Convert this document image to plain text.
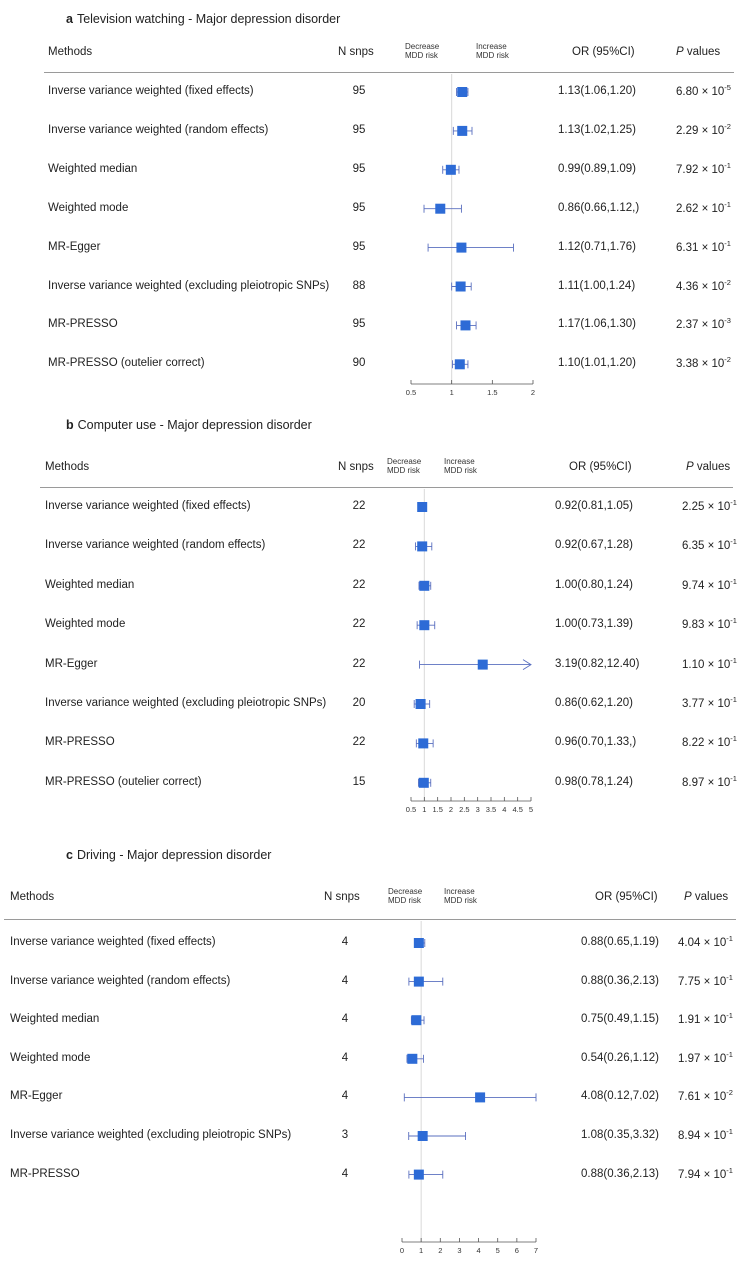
a Television watching - Major depression disorder
Methods	N snps	Decrease
MDD risk
Increase
MDD risk	OR (95%CI)	P values
0.5	1	1.5	2
Inverse variance weighted (fixed effects)	95	1.13(1.06,1.20)	$6.80 \times 10^{-5}$
Inverse variance weighted (random effects)	95	1.13(1.02,1.25)	$2.29 \times 10^{-2}$
Weighted median	95	0.99(0.89,1.09)	$7.92 \times 10^{-1}$
Weighted mode	95	0.86(0.66,1.12,)	$2.62 \times 10^{-1}$
MR-Egger	95	1.12(0.71,1.76)	$6.31 \times 10^{-1}$
Inverse variance weighted (excluding pleiotropic SNPs)	88	1.11(1.00,1.24)	$4.36 \times 10^{-2}$
MR-PRESSO	95	1.17(1.06,1.30)	$2.37 \times 10^{-3}$
MR-PRESSO (outelier correct)	90	1.10(1.01,1.20)	$3.38 \times 10^{-2}$
b Computer use - Major depression disorder
Methods	N snps Decrease
MDD risk
Increase
MDD risk	OR (95%CI)	P values
0.5 1 1.5 2 2.5 3 3.5 4 4.5 5
Inverse variance weighted (fixed effects)	22	0.92(0.81,1.05)	$2.25 \times 10^{-1}$
Inverse variance weighted (random effects)	22	0.92(0.67,1.28)	$6.35 \times 10^{-1}$
Weighted median	22	1.00(0.80,1.24)	$9.74 \times 10^{-1}$
Weighted mode	22	1.00(0.73,1.39)	$9.83 \times 10^{-1}$
MR-Egger	22	3.19(0.82,12.40)	$1.10 \times 10^{-1}$
Inverse variance weighted (excluding pleiotropic SNPs)	20	0.86(0.62,1.20)	$3.77 \times 10^{-1}$
MR-PRESSO	22	0.96(0.70,1.33,)	$8.22 \times 10^{-1}$
MR-PRESSO (outelier correct)	15	0.98(0.78,1.24)	$8.97 \times 10^{-1}$
c Driving - Major depression disorder
Methods	N snps	Decrease
MDD risk
Increase
MDD risk	OR (95%CI) P values
0 1 2 3 4 5 6 7
Inverse variance weighted (fixed effects)	4	0.88(0.65,1.19) $4.04 \times 10^{-1}$
Inverse variance weighted (random effects)	4	0.88(0.36,2.13) $7.75 \times 10^{-1}$
Weighted median	4	0.75(0.49,1.15) $1.91 \times 10^{-1}$
Weighted mode	4	0.54(0.26,1.12) $1.97 \times 10^{-1}$
MR-Egger	4	4.08(0.12,7.02) $7.61 \times 10^{-2}$
Inverse variance weighted (excluding pleiotropic SNPs)	3	1.08(0.35,3.32) $8.94 \times 10^{-1}$
MR-PRESSO	4	0.88(0.36,2.13) $7.94 \times 10^{-1}$
